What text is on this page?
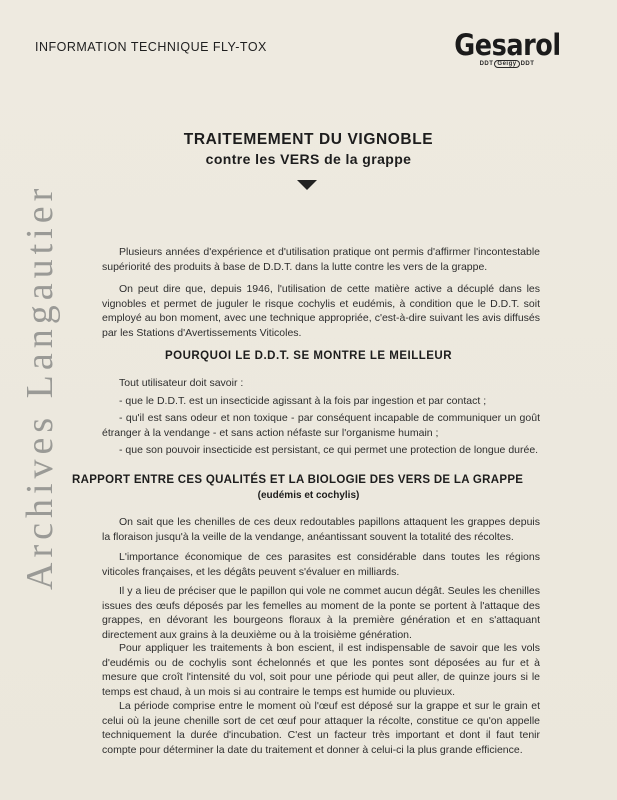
INFORMATION TECHNIQUE FLY-TOX	Gesarol
DDT Geigy DDT
TRAITEMEMENT DU VIGNOBLE
contre les VERS de la grappe
Archives Langautier	Plusieurs années d'expérience et d'utilisation pratique ont permis d'affirmer l'incontestable supériorité des produits à base de D.D.T. dans la lutte contre les vers de la grappe.

On peut dire que, depuis 1946, l'utilisation de cette matière active a décuplé dans les vignobles et permet de juguler le risque cochylis et eudémis, à condition que le D.D.T. soit employé au bon moment, avec une technique appropriée, c'est-à-dire suivant les avis diffusés par les Stations d'Avertissements Viticoles.

POURQUOI LE D.D.T. SE MONTRE LE MEILLEUR

Tout utilisateur doit savoir :

- que le D.D.T. est un insecticide agissant à la fois par ingestion et par contact ;

- qu'il est sans odeur et non toxique - par conséquent incapable de communiquer un goût étranger à la vendange - et sans action néfaste sur l'organisme humain ;

- que son pouvoir insecticide est persistant, ce qui permet une protection de longue durée.

RAPPORT ENTRE CES QUALITÉS ET LA BIOLOGIE DES VERS DE LA GRAPPE
(eudémis et cochylis)

On sait que les chenilles de ces deux redoutables papillons attaquent les grappes depuis la floraison jusqu'à la veille de la vendange, anéantissant souvent la totalité des récoltes.

L'importance économique de ces parasites est considérable dans toutes les régions viticoles françaises, et les dégâts peuvent s'évaluer en milliards.

Il y a lieu de préciser que le papillon qui vole ne commet aucun dégât. Seules les chenilles issues des œufs déposés par les femelles au moment de la ponte se portent à l'attaque des grappes, en dévorant les bourgeons floraux à la première génération et en s'attaquant directement aux grains à la deuxième ou à la troisième génération.

Pour appliquer les traitements à bon escient, il est indispensable de savoir que les vols d'eudémis ou de cochylis sont échelonnés et que les pontes sont déposées au fur et à mesure que croît l'intensité du vol, soit pour une période qui peut aller, de quinze jours si le temps est chaud, à un mois si au contraire le temps est humide ou pluvieux.

La période comprise entre le moment où l'œuf est déposé sur la grappe et sur le grain et celui où la jeune chenille sort de cet œuf pour attaquer la récolte, constitue ce qu'on appelle techniquement la durée d'incubation. C'est un facteur très important et dont il faut tenir compte pour déterminer la date du traitement et donner à celui-ci la plus grande efficience.
